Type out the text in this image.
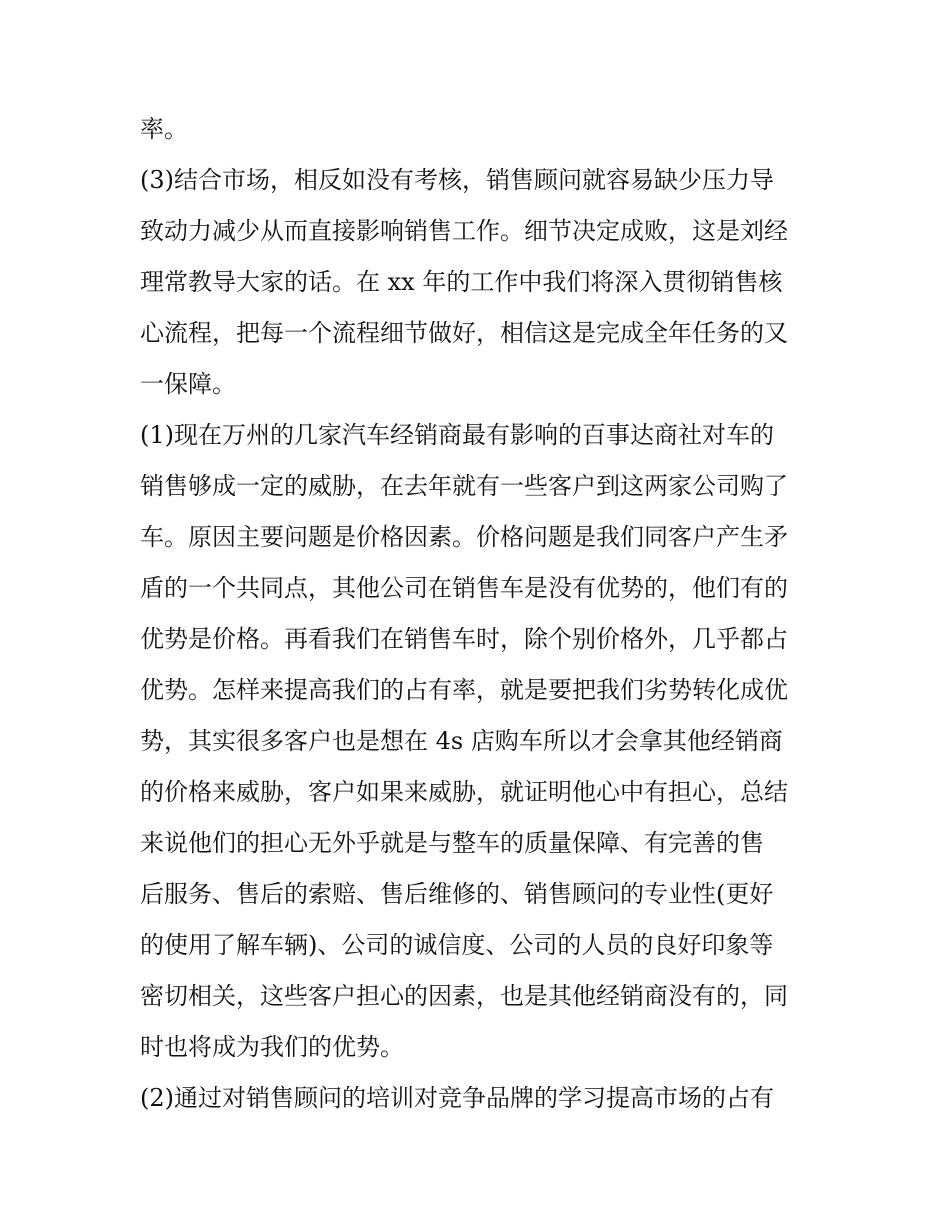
率。
(3)结合市场，相反如没有考核，销售顾问就容易缺少压力导
致动力减少从而直接影响销售工作。细节决定成败，这是刘经
理常教导大家的话。在 xx 年的工作中我们将深入贯彻销售核
心流程，把每一个流程细节做好，相信这是完成全年任务的又
一保障。
(1)现在万州的几家汽车经销商最有影响的百事达商社对车的
销售够成一定的威胁，在去年就有一些客户到这两家公司购了
车。原因主要问题是价格因素。价格问题是我们同客户产生矛
盾的一个共同点，其他公司在销售车是没有优势的，他们有的
优势是价格。再看我们在销售车时，除个别价格外，几乎都占
优势。怎样来提高我们的占有率，就是要把我们劣势转化成优
势，其实很多客户也是想在 4s 店购车所以才会拿其他经销商
的价格来威胁，客户如果来威胁，就证明他心中有担心，总结
来说他们的担心无外乎就是与整车的质量保障、有完善的售
后服务、售后的索赔、售后维修的、销售顾问的专业性(更好
的使用了解车辆)、公司的诚信度、公司的人员的良好印象等
密切相关，这些客户担心的因素，也是其他经销商没有的，同
时也将成为我们的优势。
(2)通过对销售顾问的培训对竞争品牌的学习提高市场的占有
